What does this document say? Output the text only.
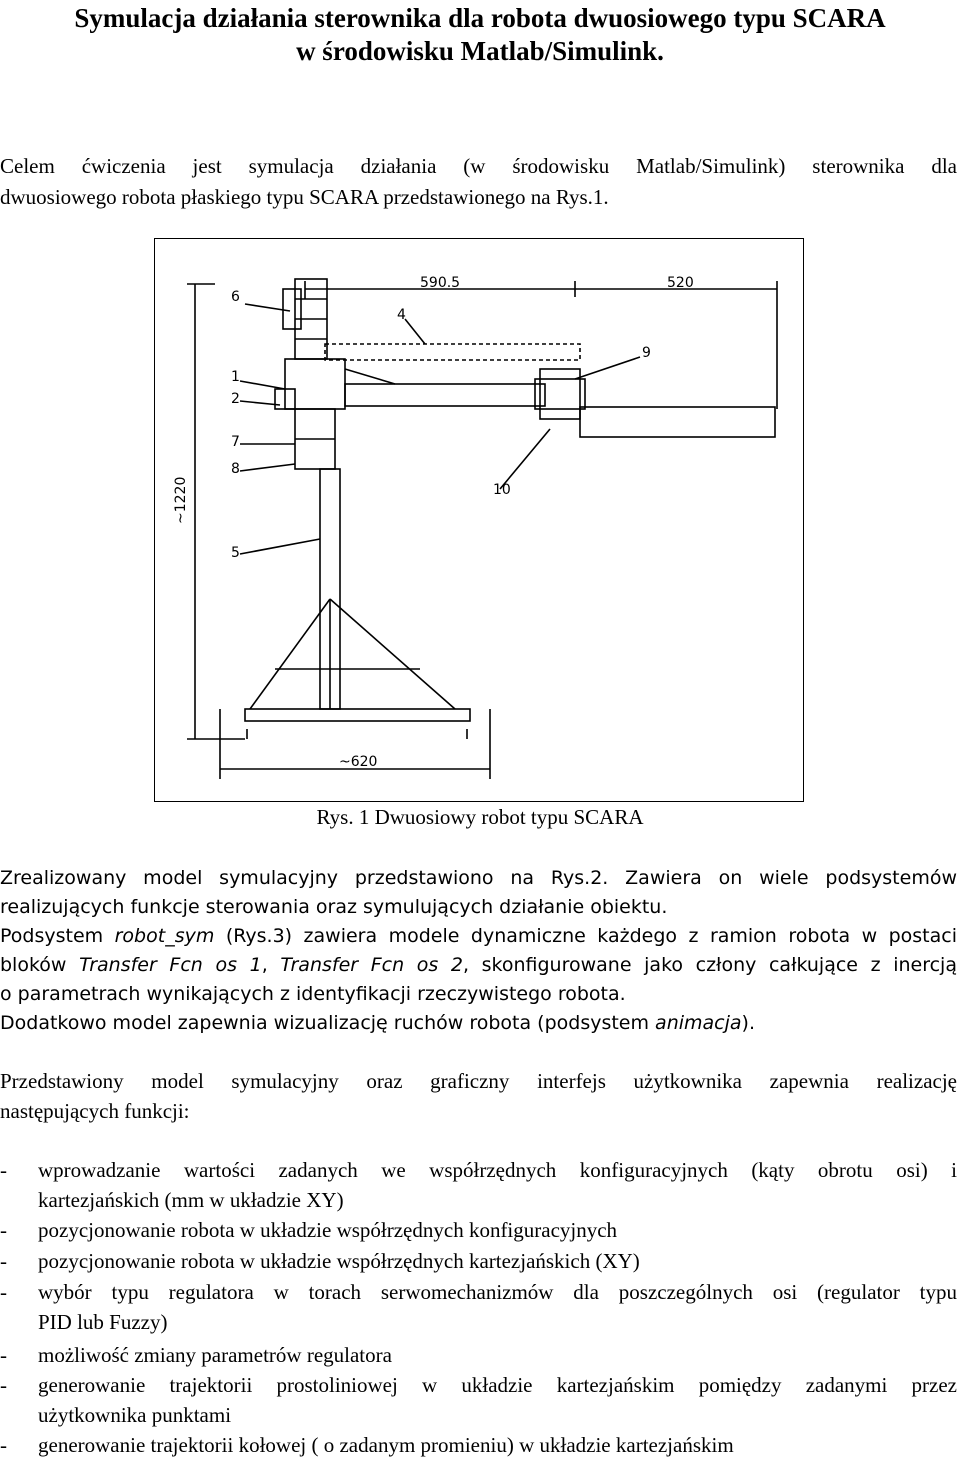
Symulacja działania sterownika dla robota dwuosiowego typu SCARA
w środowisku Matlab/Simulink.
Celem ćwiczenia jest symulacja działania (w środowisku Matlab/Simulink) sterownika dla
dwuosiowego robota płaskiego typu SCARA przedstawionego na Rys.1.
590.5	520
~620
~1220
6
1
2
7
8
5
4
9
10
Rys. 1 Dwuosiowy robot typu SCARA
Zrealizowany model symulacyjny przedstawiono na Rys.2. Zawiera on wiele podsystemów
realizujących funkcje sterowania oraz symulujących działanie obiektu.
Podsystem robot_sym (Rys.3) zawiera modele dynamiczne każdego z ramion robota w postaci
bloków Transfer Fcn os 1, Transfer Fcn os 2, skonfigurowane jako człony całkujące z inercją
o parametrach wynikających z identyfikacji rzeczywistego robota.
Dodatkowo model zapewnia wizualizację ruchów robota (podsystem animacja).
Przedstawiony model symulacyjny oraz graficzny interfejs użytkownika zapewnia realizację
następujących funkcji:
- wprowadzanie wartości zadanych we współrzędnych konfiguracyjnych (kąty obrotu osi) i
kartezjańskich (mm w układzie XY)
- pozycjonowanie robota w układzie współrzędnych konfiguracyjnych
- pozycjonowanie robota w układzie współrzędnych kartezjańskich (XY)
- wybór typu regulatora w torach serwomechanizmów dla poszczególnych osi (regulator typu
PID lub Fuzzy)
- możliwość zmiany parametrów regulatora
- generowanie trajektorii prostoliniowej w układzie kartezjańskim pomiędzy zadanymi przez
użytkownika punktami
- generowanie trajektorii kołowej ( o zadanym promieniu) w układzie kartezjańskim
